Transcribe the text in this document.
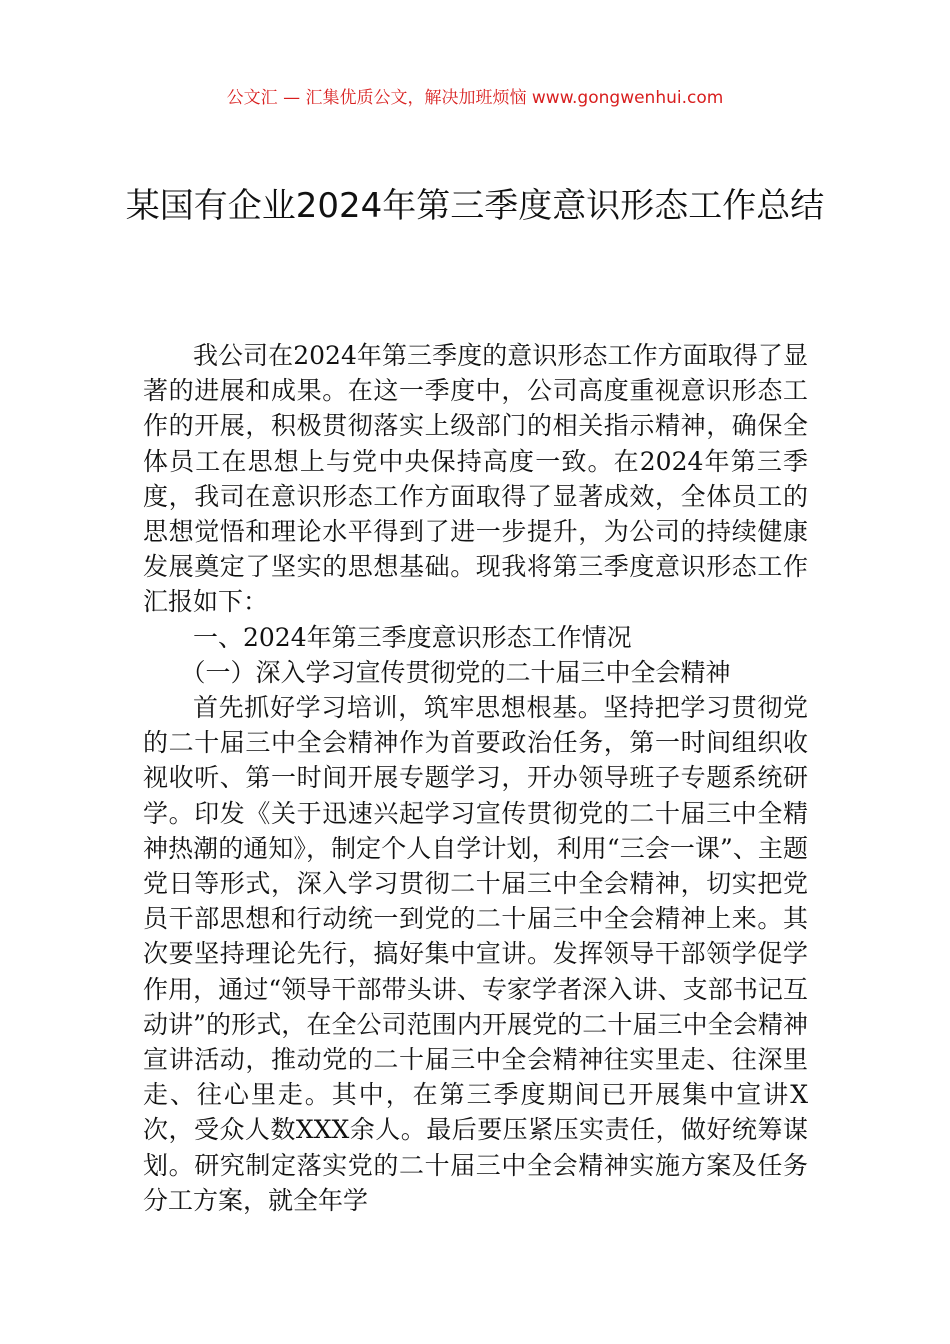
公文汇 — 汇集优质公文，解决加班烦恼 www.gongwenhui.com
某国有企业2024年第三季度意识形态工作总结

我公司在2024年第三季度的意识形态工作方面取得了显著的进展和成果。在这一季度中，公司高度重视意识形态工作的开展，积极贯彻落实上级部门的相关指示精神，确保全体员工在思想上与党中央保持高度一致。在2024年第三季度，我司在意识形态工作方面取得了显著成效，全体员工的思想觉悟和理论水平得到了进一步提升，为公司的持续健康发展奠定了坚实的思想基础。现我将第三季度意识形态工作汇报如下：

一、2024年第三季度意识形态工作情况

（一）深入学习宣传贯彻党的二十届三中全会精神

首先抓好学习培训，筑牢思想根基。坚持把学习贯彻党的二十届三中全会精神作为首要政治任务，第一时间组织收视收听、第一时间开展专题学习，开办领导班子专题系统研学。印发《关于迅速兴起学习宣传贯彻党的二十届三中全精神热潮的通知》，制定个人自学计划，利用“三会一课”、主题党日等形式，深入学习贯彻二十届三中全会精神，切实把党员干部思想和行动统一到党的二十届三中全会精神上来。其次要坚持理论先行，搞好集中宣讲。发挥领导干部领学促学作用，通过“领导干部带头讲、专家学者深入讲、支部书记互动讲”的形式，在全公司范围内开展党的二十届三中全会精神宣讲活动，推动党的二十届三中全会精神往实里走、往深里走、往心里走。其中，在第三季度期间已开展集中宣讲X次，受众人数XXX余人。最后要压紧压实责任，做好统筹谋划。研究制定落实党的二十届三中全会精神实施方案及任务分工方案，就全年学
